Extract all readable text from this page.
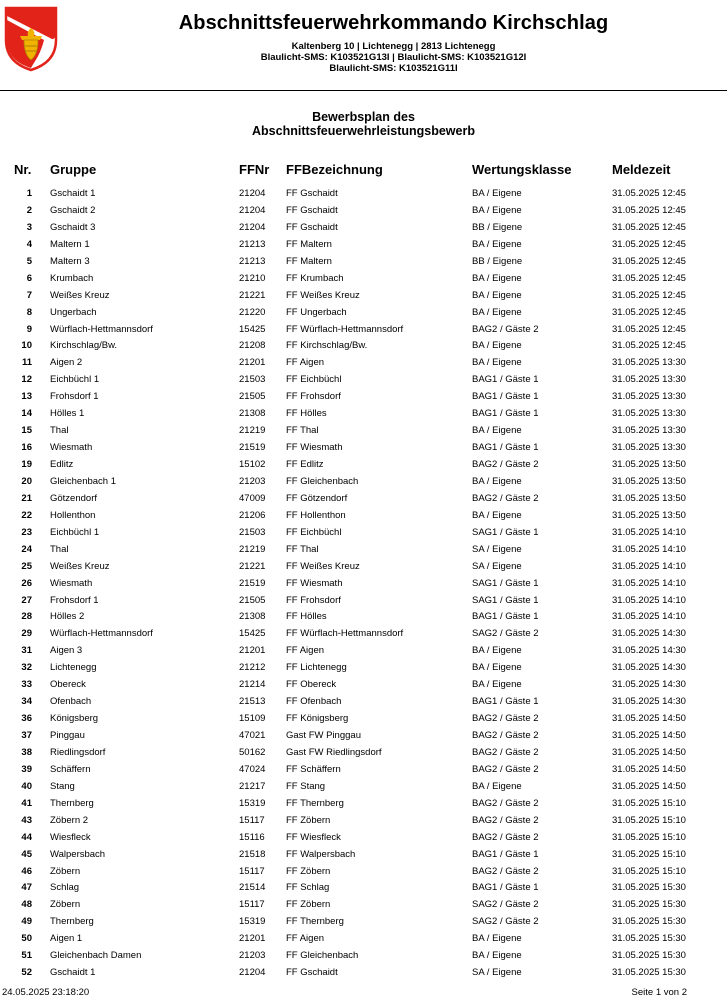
Abschnittsfeuerwehrkommando Kirchschlag
Kaltenberg 10 | Lichtenegg | 2813 Lichtenegg
Blaulicht-SMS: K103521G13I | Blaulicht-SMS: K103521G12I
Blaulicht-SMS: K103521G11I
Bewerbsplan des
Abschnittsfeuerwehrleistungsbewerb
Nr. Gruppe	FFNr FFBezeichnung	Wertungsklasse	Meldezeit
1 Gschaidt 1	21204 FF Gschaidt	BA / Eigene	31.05.2025 12:45
2 Gschaidt 2	21204 FF Gschaidt	BA / Eigene	31.05.2025 12:45
3 Gschaidt 3	21204 FF Gschaidt	BB / Eigene	31.05.2025 12:45
4 Maltern 1	21213 FF Maltern	BA / Eigene	31.05.2025 12:45
5 Maltern 3	21213 FF Maltern	BB / Eigene	31.05.2025 12:45
6 Krumbach	21210 FF Krumbach	BA / Eigene	31.05.2025 12:45
7 Weißes Kreuz	21221 FF Weißes Kreuz	BA / Eigene	31.05.2025 12:45
8 Ungerbach	21220 FF Ungerbach	BA / Eigene	31.05.2025 12:45
9 Würflach-Hettmannsdorf	15425 FF Würflach-Hettmannsdorf	BAG2 / Gäste 2	31.05.2025 12:45
10 Kirchschlag/Bw.	21208 FF Kirchschlag/Bw.	BA / Eigene	31.05.2025 12:45
11 Aigen 2	21201 FF Aigen	BA / Eigene	31.05.2025 13:30
12 Eichbüchl 1	21503 FF Eichbüchl	BAG1 / Gäste 1	31.05.2025 13:30
13 Frohsdorf 1	21505 FF Frohsdorf	BAG1 / Gäste 1	31.05.2025 13:30
14 Hölles 1	21308 FF Hölles	BAG1 / Gäste 1	31.05.2025 13:30
15 Thal	21219 FF Thal	BA / Eigene	31.05.2025 13:30
16 Wiesmath	21519 FF Wiesmath	BAG1 / Gäste 1	31.05.2025 13:30
19 Edlitz	15102 FF Edlitz	BAG2 / Gäste 2	31.05.2025 13:50
20 Gleichenbach 1	21203 FF Gleichenbach	BA / Eigene	31.05.2025 13:50
21 Götzendorf	47009 FF Götzendorf	BAG2 / Gäste 2	31.05.2025 13:50
22 Hollenthon	21206 FF Hollenthon	BA / Eigene	31.05.2025 13:50
23 Eichbüchl 1	21503 FF Eichbüchl	SAG1 / Gäste 1	31.05.2025 14:10
24 Thal	21219 FF Thal	SA / Eigene	31.05.2025 14:10
25 Weißes Kreuz	21221 FF Weißes Kreuz	SA / Eigene	31.05.2025 14:10
26 Wiesmath	21519 FF Wiesmath	SAG1 / Gäste 1	31.05.2025 14:10
27 Frohsdorf 1	21505 FF Frohsdorf	SAG1 / Gäste 1	31.05.2025 14:10
28 Hölles 2	21308 FF Hölles	BAG1 / Gäste 1	31.05.2025 14:10
29 Würflach-Hettmannsdorf	15425 FF Würflach-Hettmannsdorf	SAG2 / Gäste 2	31.05.2025 14:30
31 Aigen 3	21201 FF Aigen	BA / Eigene	31.05.2025 14:30
32 Lichtenegg	21212 FF Lichtenegg	BA / Eigene	31.05.2025 14:30
33 Obereck	21214 FF Obereck	BA / Eigene	31.05.2025 14:30
34 Ofenbach	21513 FF Ofenbach	BAG1 / Gäste 1	31.05.2025 14:30
36 Königsberg	15109 FF Königsberg	BAG2 / Gäste 2	31.05.2025 14:50
37 Pinggau	47021 Gast FW Pinggau	BAG2 / Gäste 2	31.05.2025 14:50
38 Riedlingsdorf	50162 Gast FW Riedlingsdorf	BAG2 / Gäste 2	31.05.2025 14:50
39 Schäffern	47024 FF Schäffern	BAG2 / Gäste 2	31.05.2025 14:50
40 Stang	21217 FF Stang	BA / Eigene	31.05.2025 14:50
41 Thernberg	15319 FF Thernberg	BAG2 / Gäste 2	31.05.2025 15:10
43 Zöbern 2	15117 FF Zöbern	BAG2 / Gäste 2	31.05.2025 15:10
44 Wiesfleck	15116 FF Wiesfleck	BAG2 / Gäste 2	31.05.2025 15:10
45 Walpersbach	21518 FF Walpersbach	BAG1 / Gäste 1	31.05.2025 15:10
46 Zöbern	15117 FF Zöbern	BAG2 / Gäste 2	31.05.2025 15:10
47 Schlag	21514 FF Schlag	BAG1 / Gäste 1	31.05.2025 15:30
48 Zöbern	15117 FF Zöbern	SAG2 / Gäste 2	31.05.2025 15:30
49 Thernberg	15319 FF Thernberg	SAG2 / Gäste 2	31.05.2025 15:30
50 Aigen 1	21201 FF Aigen	BA / Eigene	31.05.2025 15:30
51 Gleichenbach Damen	21203 FF Gleichenbach	BA / Eigene	31.05.2025 15:30
52 Gschaidt 1	21204 FF Gschaidt	SA / Eigene	31.05.2025 15:30
24.05.2025 23:18:20	Seite 1 von 2
